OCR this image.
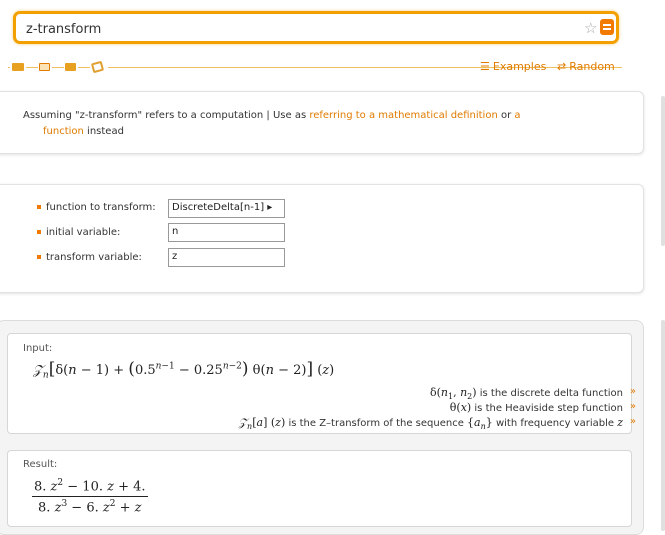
z-transform
☆
☰ Examples ⇄ Random
Assuming "z-transform" refers to a computation | Use as referring to a mathematical definition or a
function instead
function to transform:
initial variable:
transform variable:
DiscreteDelta[n-1] ▸
n
z
Input:
Result:
𝒵$_n$[δ(n − $1) + (0.5^{n-1} - 0.25^{n-2}) \theta(n - 2)$] (z)
$\delta(n_1$, $n_2$) is the discrete delta function »
θ(x) is the Heaviside step function »
𝒵$_n$[a] (z) is the Z–transform of the sequence $\{a_n\}$ with frequency variable z »
$\frac{8. z^2 - 10. z + 4.}{8. z^3 - 6. z^2 + z}$
